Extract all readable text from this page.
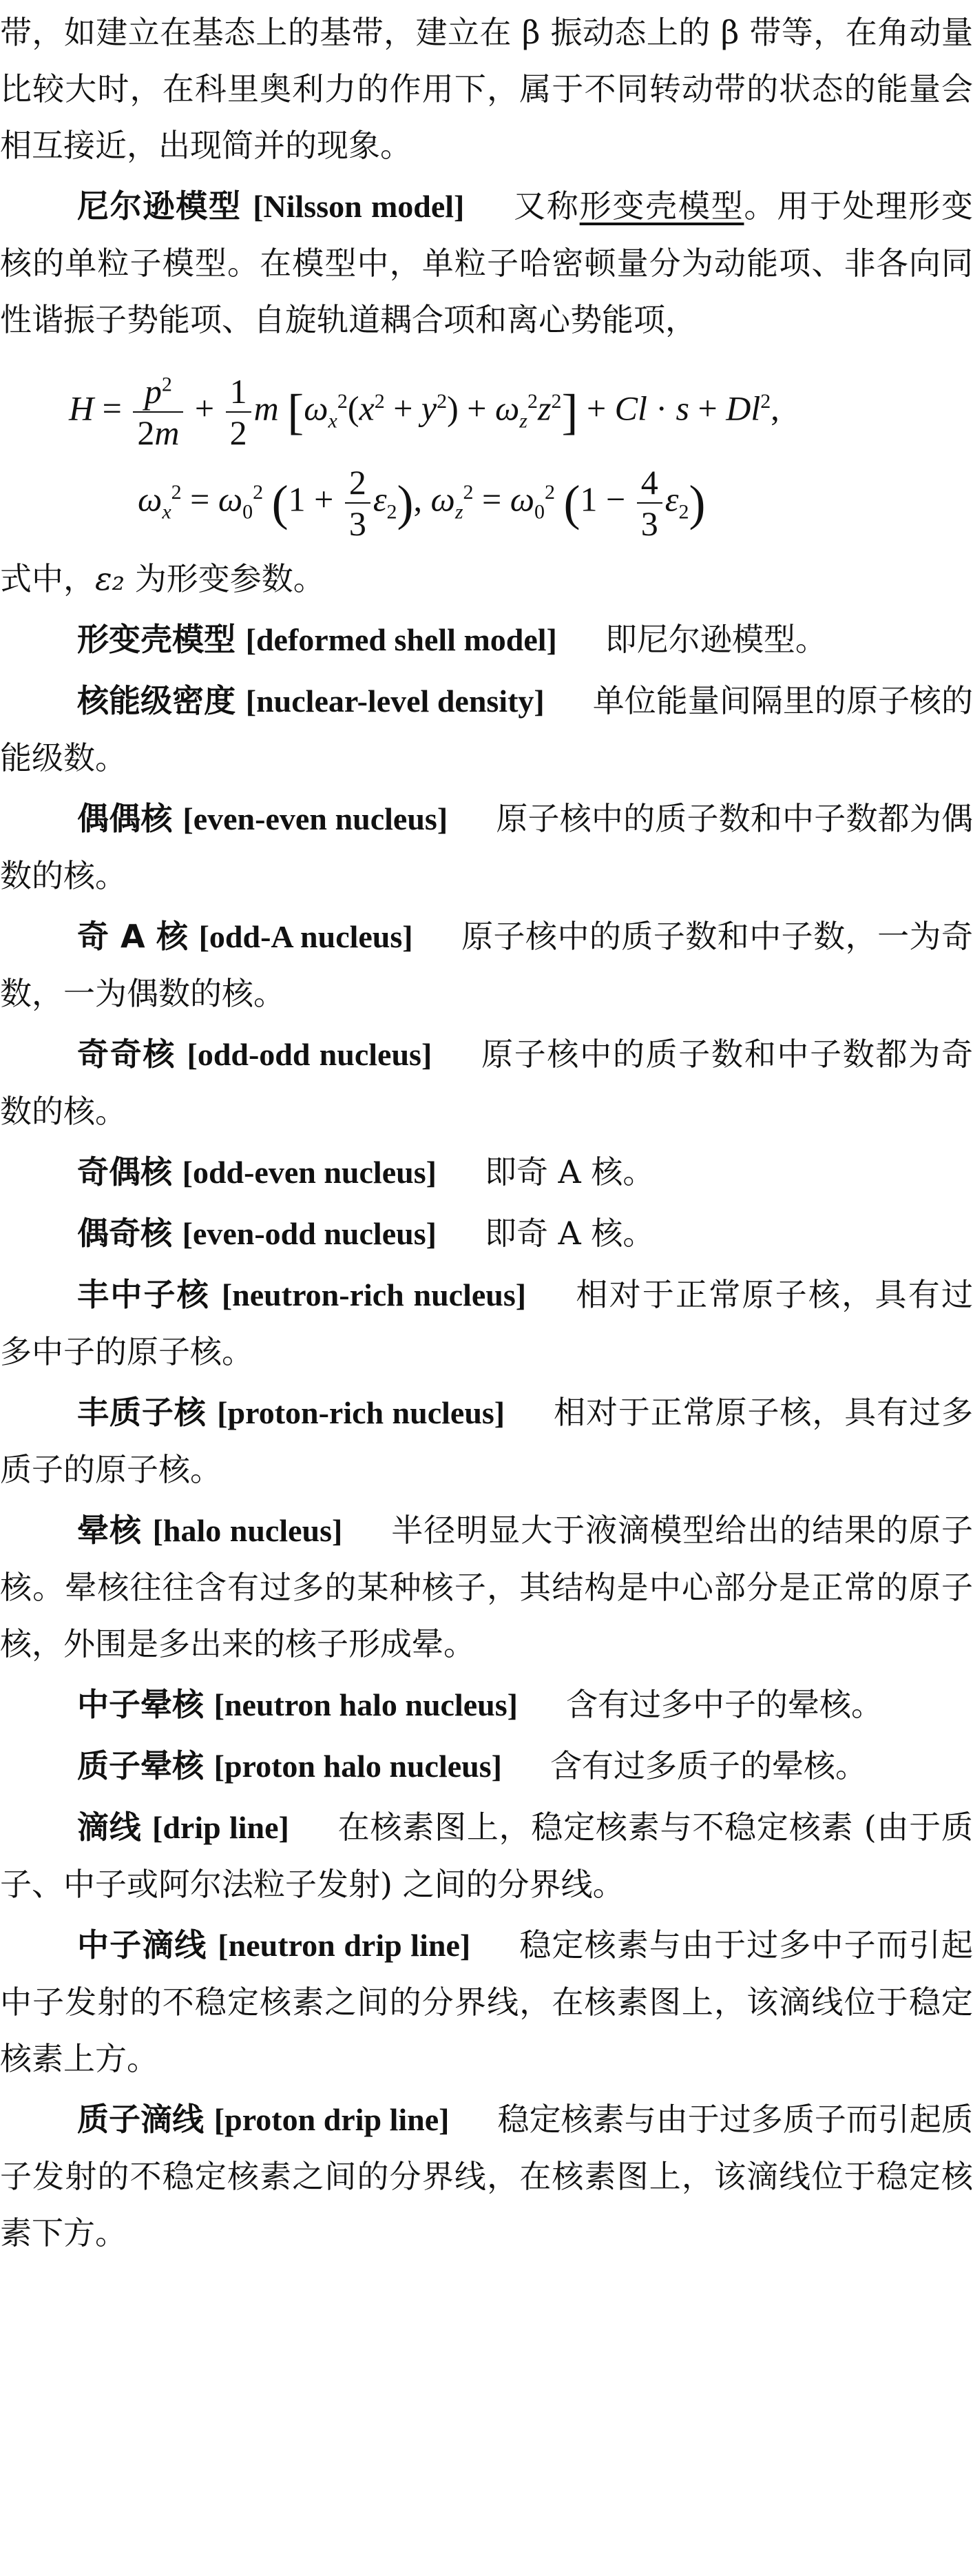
带，如建立在基态上的基带，建立在 β 振动态上的 β 带等，在角动量比较大时，在科里奥利力的作用下，属于不同转动带的状态的能量会相互接近，出现简并的现象。

尼尔逊模型 [Nilsson model] 又称形变壳模型。用于处理形变核的单粒子模型。在模型中，单粒子哈密顿量分为动能项、非各向同性谐振子势能项、自旋轨道耦合项和离心势能项，

$H = \frac{p^2}{2m} + \frac{1}{2}$ m $[\omega_x^2(x^2 + y^2) + \omega_z^2z^2] + Cl \cdot s + Dl^2$,
$\omega_x^2 = \omega_0^2$ $(1 + \frac{2}{3} \varepsilon_2)$, $\omega_z^2 = \omega_0^2$ $(1 - \frac{4}{3} \varepsilon_2)$

式中，ε₂ 为形变参数。

形变壳模型 [deformed shell model] 即尼尔逊模型。

核能级密度 [nuclear-level density] 单位能量间隔里的原子核的能级数。

偶偶核 [even-even nucleus] 原子核中的质子数和中子数都为偶数的核。

奇 A 核 [odd-A nucleus] 原子核中的质子数和中子数，一为奇数，一为偶数的核。

奇奇核 [odd-odd nucleus] 原子核中的质子数和中子数都为奇数的核。

奇偶核 [odd-even nucleus] 即奇 A 核。

偶奇核 [even-odd nucleus] 即奇 A 核。

丰中子核 [neutron-rich nucleus] 相对于正常原子核，具有过多中子的原子核。

丰质子核 [proton-rich nucleus] 相对于正常原子核，具有过多质子的原子核。

晕核 [halo nucleus] 半径明显大于液滴模型给出的结果的原子核。晕核往往含有过多的某种核子，其结构是中心部分是正常的原子核，外围是多出来的核子形成晕。

中子晕核 [neutron halo nucleus] 含有过多中子的晕核。

质子晕核 [proton halo nucleus] 含有过多质子的晕核。

滴线 [drip line] 在核素图上，稳定核素与不稳定核素 (由于质子、中子或阿尔法粒子发射) 之间的分界线。

中子滴线 [neutron drip line] 稳定核素与由于过多中子而引起中子发射的不稳定核素之间的分界线，在核素图上，该滴线位于稳定核素上方。

质子滴线 [proton drip line] 稳定核素与由于过多质子而引起质子发射的不稳定核素之间的分界线，在核素图上，该滴线位于稳定核素下方。
